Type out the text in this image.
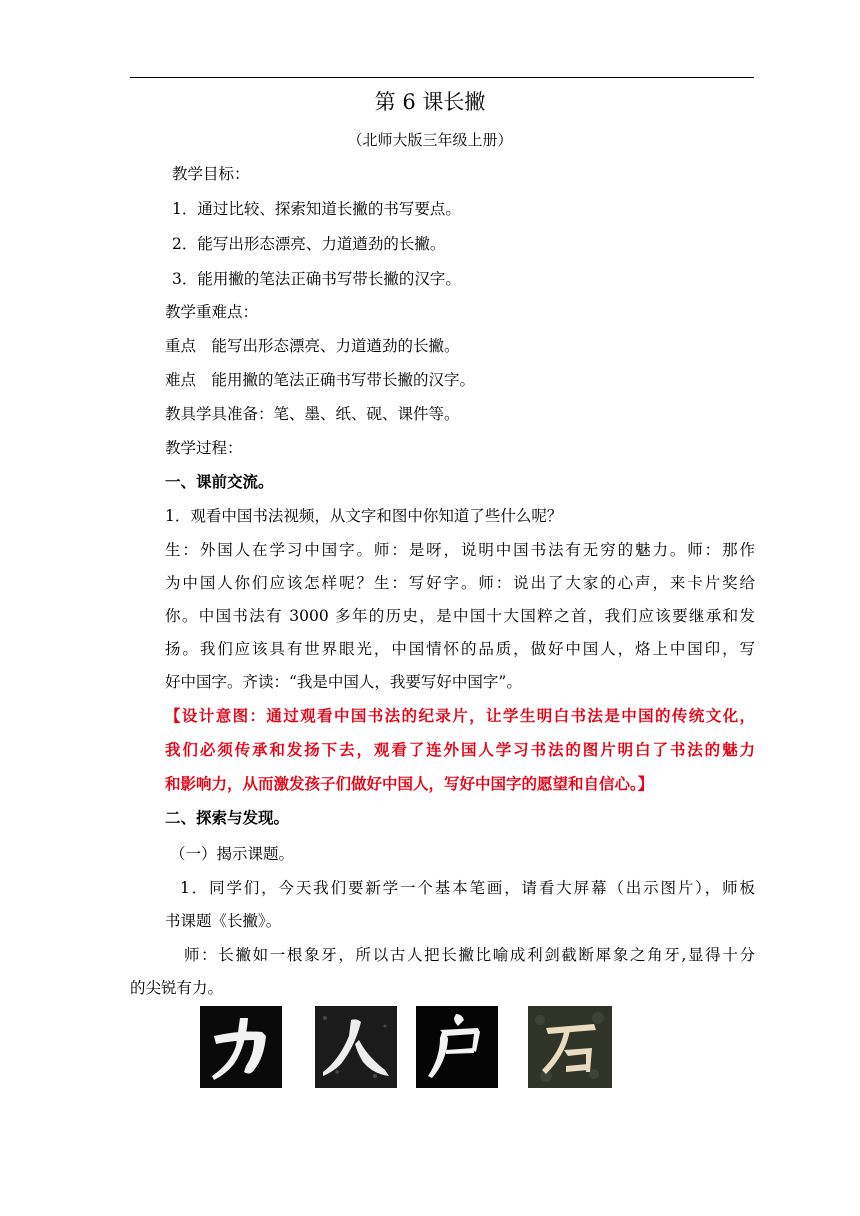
第 6 课长撇
（北师大版三年级上册）
教学目标：
1．通过比较、探索知道长撇的书写要点。
2．能写出形态漂亮、力道遒劲的长撇。
3．能用撇的笔法正确书写带长撇的汉字。
教学重难点：
重点　能写出形态漂亮、力道遒劲的长撇。
难点　能用撇的笔法正确书写带长撇的汉字。
教具学具准备：笔、墨、纸、砚、课件等。
教学过程：
一、课前交流。
1．观看中国书法视频，从文字和图中你知道了些什么呢？
生：外国人在学习中国字。师：是呀，说明中国书法有无穷的魅力。师：那作
为中国人你们应该怎样呢？生：写好字。师：说出了大家的心声，来卡片奖给
你。中国书法有 3000 多年的历史，是中国十大国粹之首，我们应该要继承和发
扬。我们应该具有世界眼光，中国情怀的品质，做好中国人，烙上中国印，写
好中国字。齐读：“我是中国人，我要写好中国字”。
【设计意图：通过观看中国书法的纪录片，让学生明白书法是中国的传统文化，
我们必须传承和发扬下去，观看了连外国人学习书法的图片明白了书法的魅力
和影响力，从而激发孩子们做好中国人，写好中国字的愿望和自信心。】
二、探索与发现。
（一）揭示课题。
1．同学们，今天我们要新学一个基本笔画，请看大屏幕（出示图片），师板
书课题《长撇》。
师：长撇如一根象牙，所以古人把长撇比喻成利剑截断犀象之角牙,显得十分
的尖锐有力。
